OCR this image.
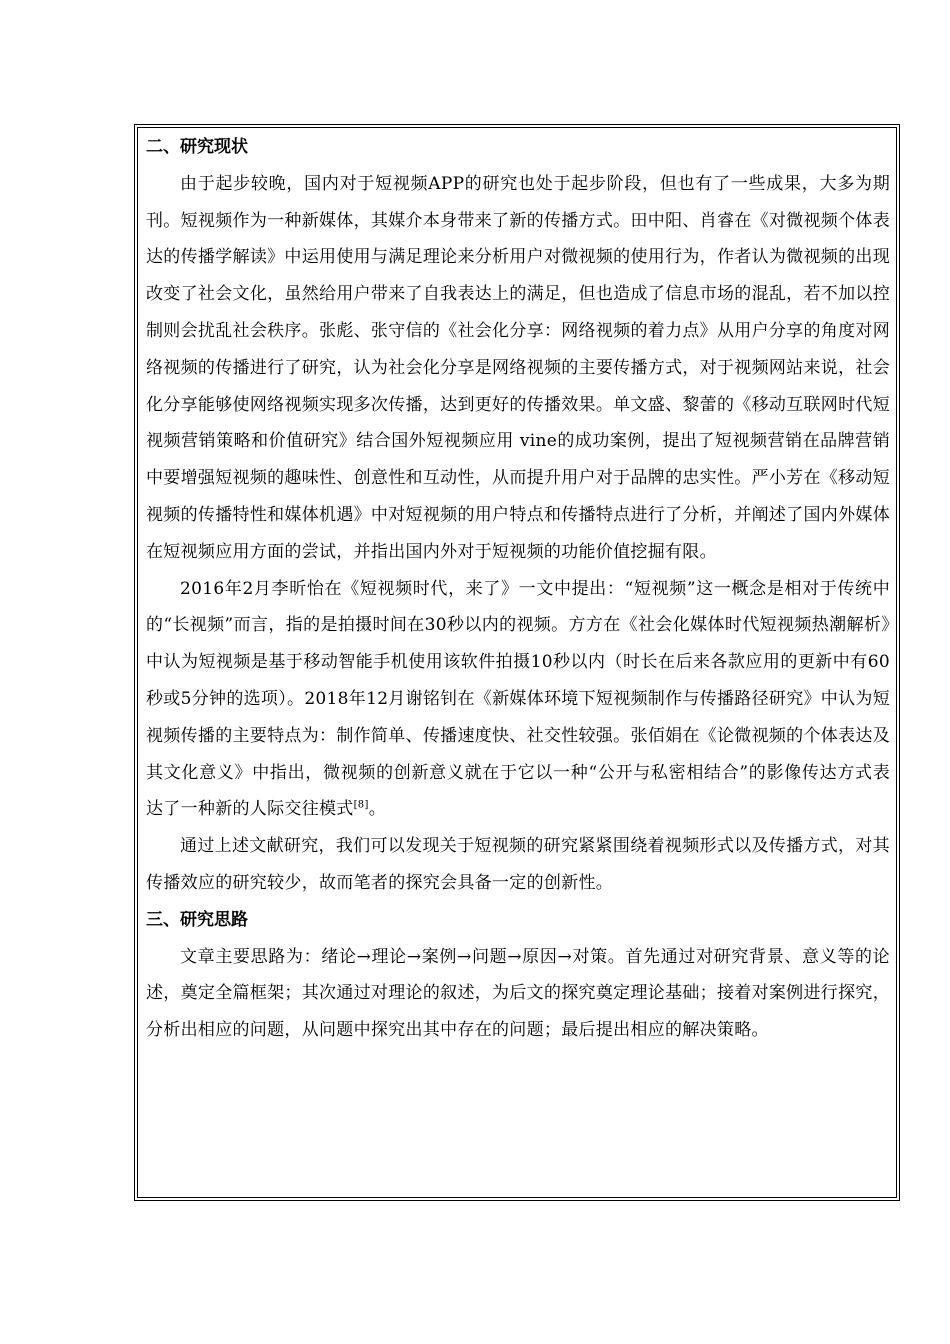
二、研究现状

由于起步较晚，国内对于短视频APP的研究也处于起步阶段，但也有了一些成果，大多为期刊。短视频作为一种新媒体，其媒介本身带来了新的传播方式。田中阳、肖睿在《对微视频个体表达的传播学解读》中运用使用与满足理论来分析用户对微视频的使用行为，作者认为微视频的出现改变了社会文化，虽然给用户带来了自我表达上的满足，但也造成了信息市场的混乱，若不加以控制则会扰乱社会秩序。张彪、张守信的《社会化分享：网络视频的着力点》从用户分享的角度对网络视频的传播进行了研究，认为社会化分享是网络视频的主要传播方式，对于视频网站来说，社会化分享能够使网络视频实现多次传播，达到更好的传播效果。单文盛、黎蕾的《移动互联网时代短视频营销策略和价值研究》结合国外短视频应用 vine的成功案例，提出了短视频营销在品牌营销中要增强短视频的趣味性、创意性和互动性，从而提升用户对于品牌的忠实性。严小芳在《移动短视频的传播特性和媒体机遇》中对短视频的用户特点和传播特点进行了分析，并阐述了国内外媒体在短视频应用方面的尝试，并指出国内外对于短视频的功能价值挖掘有限。

2016年2月李昕怡在《短视频时代，来了》一文中提出：“短视频”这一概念是相对于传统中的“长视频”而言，指的是拍摄时间在30秒以内的视频。方方在《社会化媒体时代短视频热潮解析》中认为短视频是基于移动智能手机使用该软件拍摄10秒以内（时长在后来各款应用的更新中有60秒或5分钟的选项）。2018年12月谢铭钊在《新媒体环境下短视频制作与传播路径研究》中认为短视频传播的主要特点为：制作简单、传播速度快、社交性较强。张佰娟在《论微视频的个体表达及其文化意义》中指出，微视频的创新意义就在于它以一种“公开与私密相结合”的影像传达方式表达了一种新的人际交往模式[8]。

通过上述文献研究，我们可以发现关于短视频的研究紧紧围绕着视频形式以及传播方式，对其传播效应的研究较少，故而笔者的探究会具备一定的创新性。

三、研究思路

文章主要思路为：绪论→理论→案例→问题→原因→对策。首先通过对研究背景、意义等的论述，奠定全篇框架；其次通过对理论的叙述，为后文的探究奠定理论基础；接着对案例进行探究，分析出相应的问题，从问题中探究出其中存在的问题；最后提出相应的解决策略。
